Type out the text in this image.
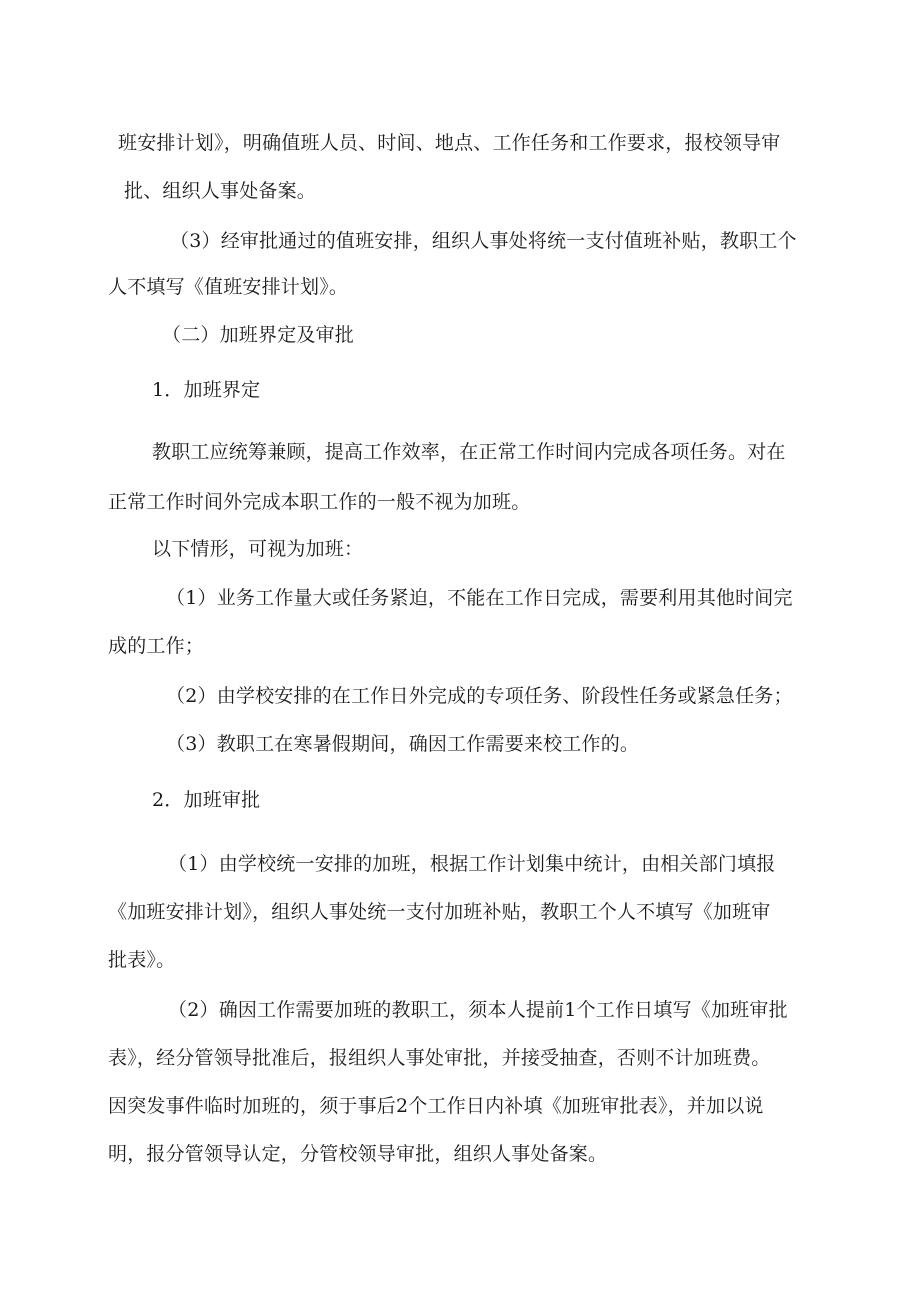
班安排计划》，明确值班人员、时间、地点、工作任务和工作要求，报校领导审
批、组织人事处备案。
（3）经审批通过的值班安排，组织人事处将统一支付值班补贴，教职工个
人不填写《值班安排计划》。
（二）加班界定及审批
1．加班界定
教职工应统筹兼顾，提高工作效率，在正常工作时间内完成各项任务。对在
正常工作时间外完成本职工作的一般不视为加班。
以下情形，可视为加班：
（1）业务工作量大或任务紧迫，不能在工作日完成，需要利用其他时间完
成的工作；
（2）由学校安排的在工作日外完成的专项任务、阶段性任务或紧急任务；
（3）教职工在寒暑假期间，确因工作需要来校工作的。
2．加班审批
（1）由学校统一安排的加班，根据工作计划集中统计，由相关部门填报
《加班安排计划》，组织人事处统一支付加班补贴，教职工个人不填写《加班审
批表》。
（2）确因工作需要加班的教职工，须本人提前1个工作日填写《加班审批
表》，经分管领导批准后，报组织人事处审批，并接受抽查，否则不计加班费。
因突发事件临时加班的，须于事后2个工作日内补填《加班审批表》，并加以说
明，报分管领导认定，分管校领导审批，组织人事处备案。
